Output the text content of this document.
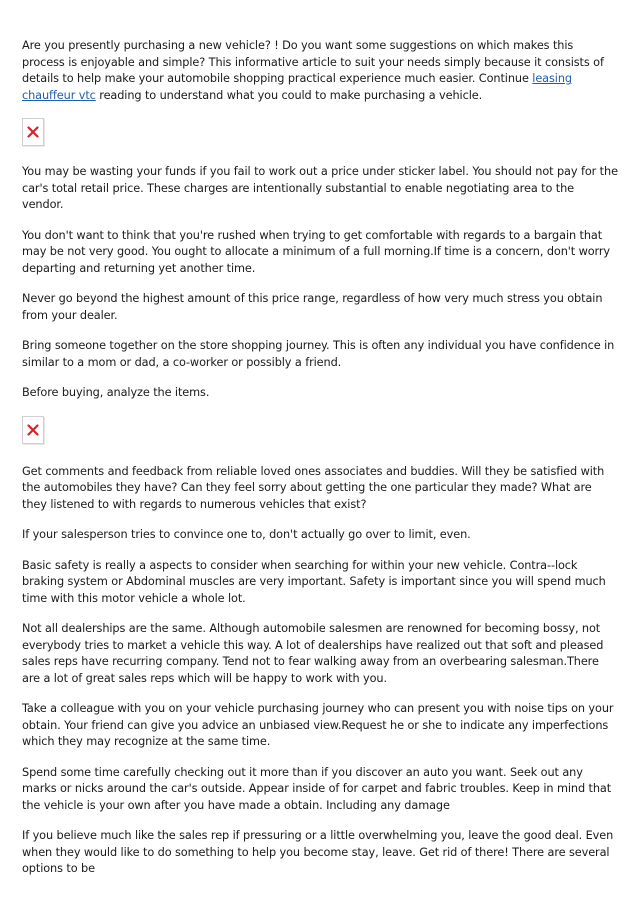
Are you presently purchasing a new vehicle? ! Do you want some suggestions on which makes this process is enjoyable and simple? This informative article to suit your needs simply because it consists of details to help make your automobile shopping practical experience much easier. Continue leasing chauffeur vtc reading to understand what you could to make purchasing a vehicle.

You may be wasting your funds if you fail to work out a price under sticker label. You should not pay for the car's total retail price. These charges are intentionally substantial to enable negotiating area to the vendor.

You don't want to think that you're rushed when trying to get comfortable with regards to a bargain that may be not very good. You ought to allocate a minimum of a full morning.If time is a concern, don't worry departing and returning yet another time.

Never go beyond the highest amount of this price range, regardless of how very much stress you obtain from your dealer.

Bring someone together on the store shopping journey. This is often any individual you have confidence in similar to a mom or dad, a co-worker or possibly a friend.

Before buying, analyze the items.

Get comments and feedback from reliable loved ones associates and buddies. Will they be satisfied with the automobiles they have? Can they feel sorry about getting the one particular they made? What are they listened to with regards to numerous vehicles that exist?

If your salesperson tries to convince one to, don't actually go over to limit, even.

Basic safety is really a aspects to consider when searching for within your new vehicle. Contra--lock braking system or Abdominal muscles are very important. Safety is important since you will spend much time with this motor vehicle a whole lot.

Not all dealerships are the same. Although automobile salesmen are renowned for becoming bossy, not everybody tries to market a vehicle this way. A lot of dealerships have realized out that soft and pleased sales reps have recurring company. Tend not to fear walking away from an overbearing salesman.There are a lot of great sales reps which will be happy to work with you.

Take a colleague with you on your vehicle purchasing journey who can present you with noise tips on your obtain. Your friend can give you advice an unbiased view.Request he or she to indicate any imperfections which they may recognize at the same time.

Spend some time carefully checking out it more than if you discover an auto you want. Seek out any marks or nicks around the car's outside. Appear inside of for carpet and fabric troubles. Keep in mind that the vehicle is your own after you have made a obtain. Including any damage

If you believe much like the sales rep if pressuring or a little overwhelming you, leave the good deal. Even when they would like to do something to help you become stay, leave. Get rid of there! There are several options to be
